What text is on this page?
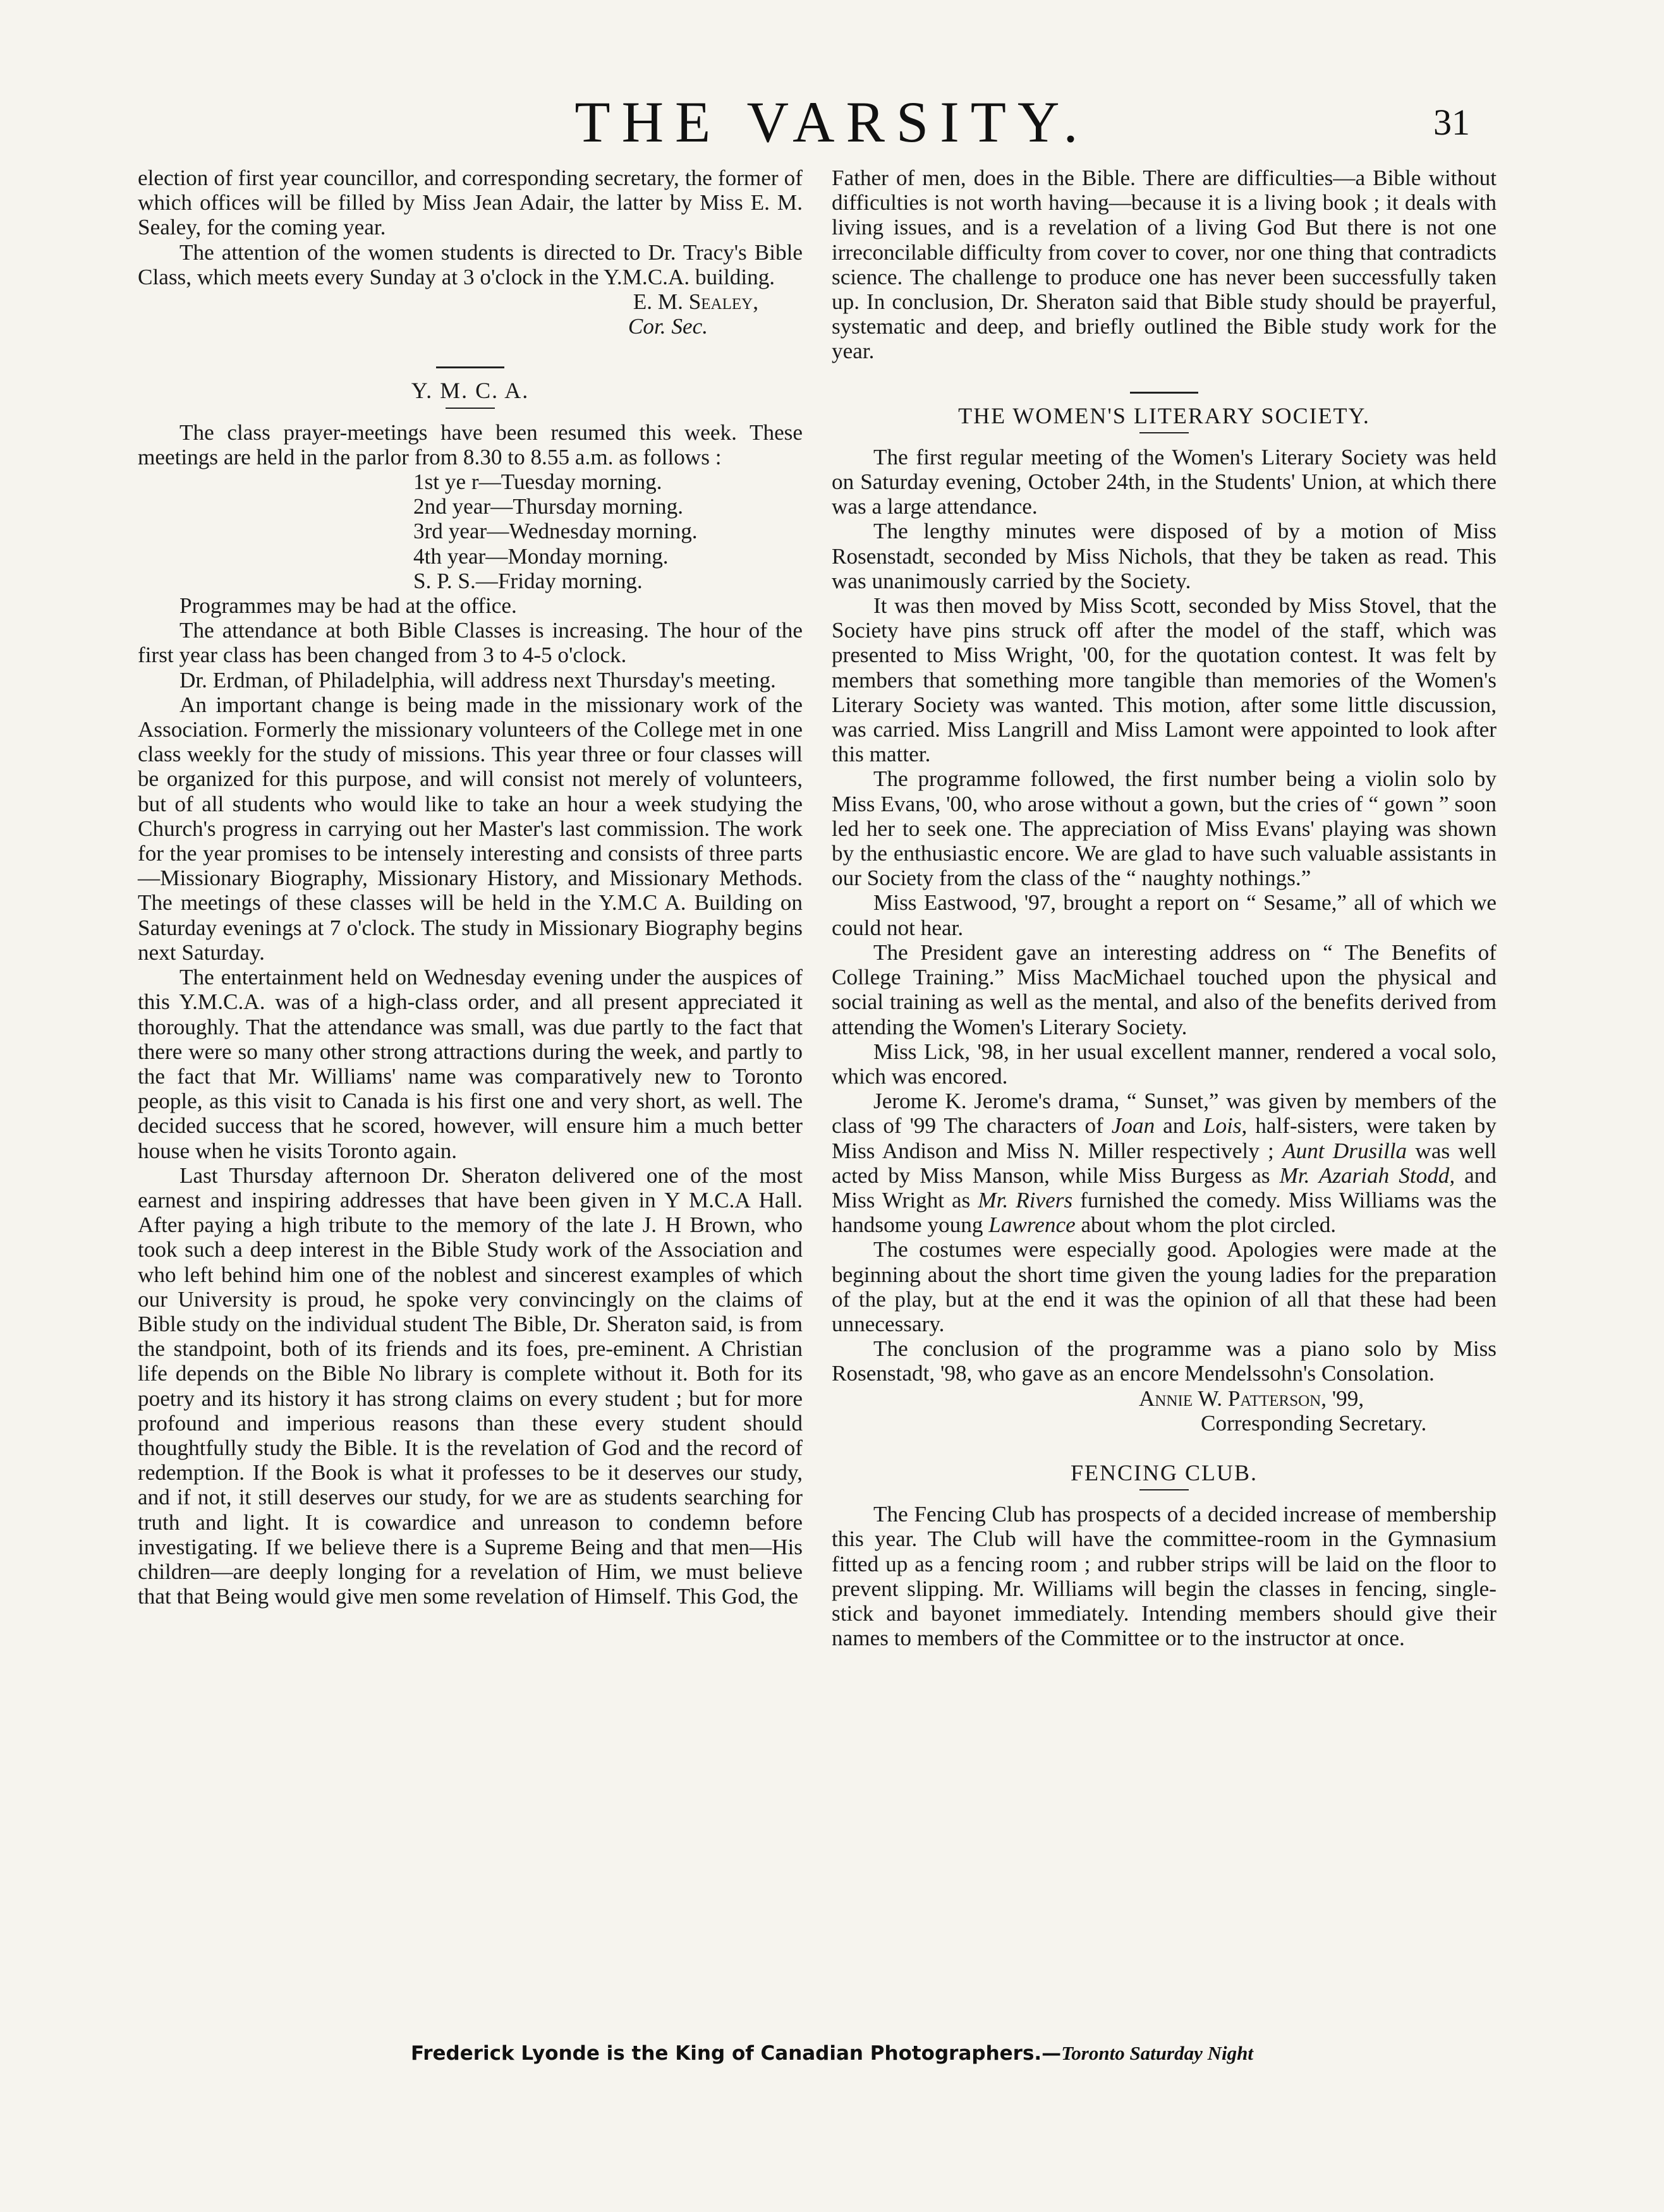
THE VARSITY.	31

election of first year councillor, and corresponding secretary, the former of which offices will be filled by Miss Jean Adair, the latter by Miss E. M. Sealey, for the coming year.

The attention of the women students is directed to Dr. Tracy's Bible Class, which meets every Sunday at 3 o'clock in the Y.M.C.A. building.

E. M. Sealey,

Cor. Sec.

Y. M. C. A.

The class prayer-meetings have been resumed this week. These meetings are held in the parlor from 8.30 to 8.55 a.m. as follows :

1st ye r—Tuesday morning.
2nd year—Thursday morning.
3rd year—Wednesday morning.
4th year—Monday morning.
S. P. S.—Friday morning.

Programmes may be had at the office.

The attendance at both Bible Classes is increasing. The hour of the first year class has been changed from 3 to 4-5 o'clock.

Dr. Erdman, of Philadelphia, will address next Thursday's meeting.

An important change is being made in the missionary work of the Association. Formerly the missionary volunteers of the College met in one class weekly for the study of missions. This year three or four classes will be organized for this purpose, and will consist not merely of volunteers, but of all students who would like to take an hour a week studying the Church's progress in carrying out her Master's last commission. The work for the year promises to be intensely interesting and consists of three parts—Missionary Biography, Missionary History, and Missionary Methods. The meetings of these classes will be held in the Y.M.C A. Building on Saturday evenings at 7 o'clock. The study in Missionary Biography begins next Saturday.

The entertainment held on Wednesday evening under the auspices of this Y.M.C.A. was of a high-class order, and all present appreciated it thoroughly. That the attendance was small, was due partly to the fact that there were so many other strong attractions during the week, and partly to the fact that Mr. Williams' name was comparatively new to Toronto people, as this visit to Canada is his first one and very short, as well. The decided success that he scored, however, will ensure him a much better house when he visits Toronto again.

Last Thursday afternoon Dr. Sheraton delivered one of the most earnest and inspiring addresses that have been given in Y M.C.A Hall. After paying a high tribute to the memory of the late J. H Brown, who took such a deep interest in the Bible Study work of the Association and who left behind him one of the noblest and sincerest examples of which our University is proud, he spoke very convincingly on the claims of Bible study on the individual student The Bible, Dr. Sheraton said, is from the standpoint, both of its friends and its foes, pre-eminent. A Christian life depends on the Bible No library is complete without it. Both for its poetry and its history it has strong claims on every student ; but for more profound and imperious reasons than these every student should thoughtfully study the Bible. It is the revelation of God and the record of redemption. If the Book is what it professes to be it deserves our study, and if not, it still deserves our study, for we are as students searching for truth and light. It is cowardice and unreason to condemn before investigating. If we believe there is a Supreme Being and that men—His children—are deeply longing for a revelation of Him, we must believe that that Being would give men some revelation of Himself. This God, the

Father of men, does in the Bible. There are difficulties—a Bible without difficulties is not worth having—because it is a living book ; it deals with living issues, and is a revelation of a living God But there is not one irreconcilable difficulty from cover to cover, nor one thing that contradicts science. The challenge to produce one has never been successfully taken up. In conclusion, Dr. Sheraton said that Bible study should be prayerful, systematic and deep, and briefly outlined the Bible study work for the year.

THE WOMEN'S LITERARY SOCIETY.

The first regular meeting of the Women's Literary Society was held on Saturday evening, October 24th, in the Students' Union, at which there was a large attendance.

The lengthy minutes were disposed of by a motion of Miss Rosenstadt, seconded by Miss Nichols, that they be taken as read. This was unanimously carried by the Society.

It was then moved by Miss Scott, seconded by Miss Stovel, that the Society have pins struck off after the model of the staff, which was presented to Miss Wright, '00, for the quotation contest. It was felt by members that something more tangible than memories of the Women's Literary Society was wanted. This motion, after some little discussion, was carried. Miss Langrill and Miss Lamont were appointed to look after this matter.

The programme followed, the first number being a violin solo by Miss Evans, '00, who arose without a gown, but the cries of “ gown ” soon led her to seek one. The appreciation of Miss Evans' playing was shown by the enthusiastic encore. We are glad to have such valuable assistants in our Society from the class of the “ naughty nothings.”

Miss Eastwood, '97, brought a report on “ Sesame,” all of which we could not hear.

The President gave an interesting address on “ The Benefits of College Training.” Miss MacMichael touched upon the physical and social training as well as the mental, and also of the benefits derived from attending the Women's Literary Society.

Miss Lick, '98, in her usual excellent manner, rendered a vocal solo, which was encored.

Jerome K. Jerome's drama, “ Sunset,” was given by members of the class of '99 The characters of Joan and Lois, half-sisters, were taken by Miss Andison and Miss N. Miller respectively ; Aunt Drusilla was well acted by Miss Manson, while Miss Burgess as Mr. Azariah Stodd, and Miss Wright as Mr. Rivers furnished the comedy. Miss Williams was the handsome young Lawrence about whom the plot circled.

The costumes were especially good. Apologies were made at the beginning about the short time given the young ladies for the preparation of the play, but at the end it was the opinion of all that these had been unnecessary.

The conclusion of the programme was a piano solo by Miss Rosenstadt, '98, who gave as an encore Mendelssohn's Consolation.

Annie W. Patterson, '99,

Corresponding Secretary.

FENCING CLUB.

The Fencing Club has prospects of a decided increase of membership this year. The Club will have the committee-room in the Gymnasium fitted up as a fencing room ; and rubber strips will be laid on the floor to prevent slipping. Mr. Williams will begin the classes in fencing, single-stick and bayonet immediately. Intending members should give their names to members of the Committee or to the instructor at once.

Frederick Lyonde is the King of Canadian Photographers.—Toronto Saturday Night
